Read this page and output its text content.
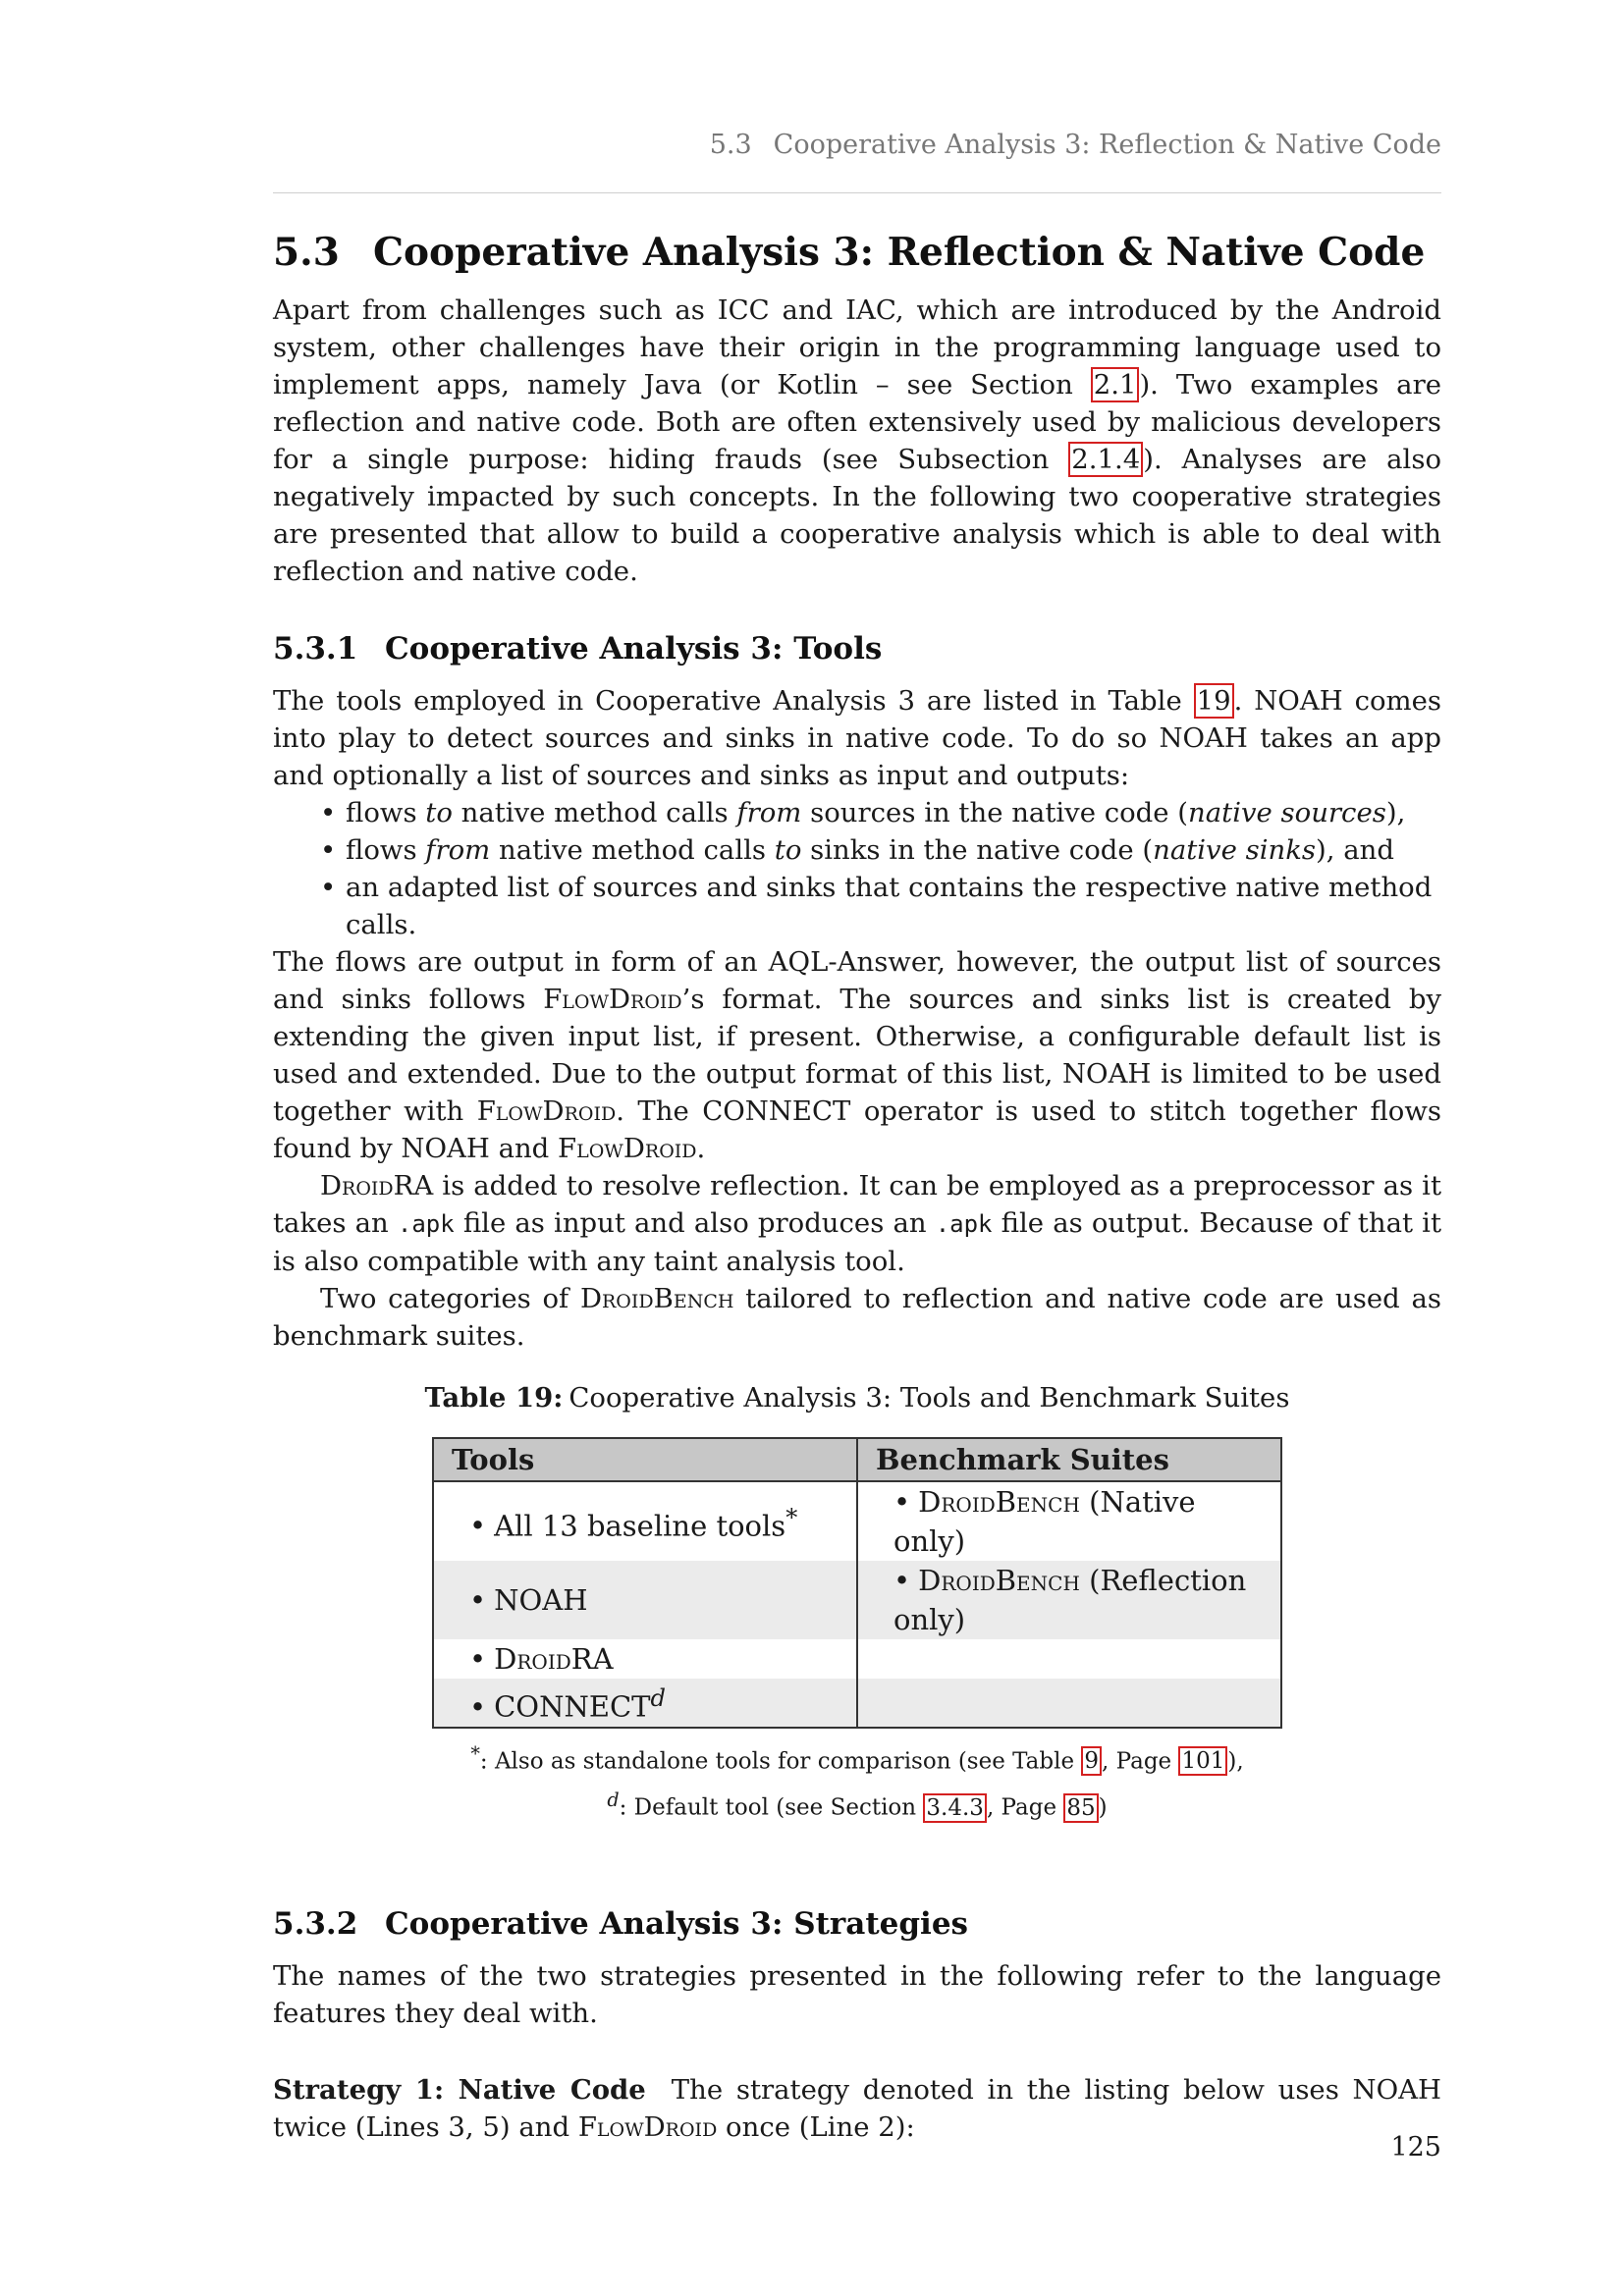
5.3 Cooperative Analysis 3: Reflection & Native Code
5.3 Cooperative Analysis 3: Reflection & Native Code

Apart from challenges such as ICC and IAC, which are introduced by the Android system, other challenges have their origin in the programming language used to implement apps, namely Java (or Kotlin – see Section 2.1 ). Two examples are reflection and native code. Both are often extensively used by malicious developers for a single purpose: hiding frauds (see Subsection 2.1.4 ). Analyses are also negatively impacted by such concepts. In the following two cooperative strategies are presented that allow to build a cooperative analysis which is able to deal with reflection and native code.

5.3.1 Cooperative Analysis 3: Tools

The tools employed in Cooperative Analysis 3 are listed in Table 19 . NOAH comes into play to detect sources and sinks in native code. To do so NOAH takes an app and optionally a list of sources and sinks as input and outputs:

• flows to native method calls from sources in the native code (native sources),
• flows from native method calls to sinks in the native code (native sinks), and
• an adapted list of sources and sinks that contains the respective native method calls.

The flows are output in form of an AQL-Answer, however, the output list of sources and sinks follows FlowDroid’s format. The sources and sinks list is created by extending the given input list, if present. Otherwise, a configurable default list is used and extended. Due to the output format of this list, NOAH is limited to be used together with FlowDroid. The CONNECT operator is used to stitch together flows found by NOAH and FlowDroid.

DroidRA is added to resolve reflection. It can be employed as a preprocessor as it takes an .apk file as input and also produces an .apk file as output. Because of that it is also compatible with any taint analysis tool.

Two categories of DroidBench tailored to reflection and native code are used as benchmark suites.

Table 19: Cooperative Analysis 3: Tools and Benchmark Suites
Tools	Benchmark Suites
• All 13 baseline tools*	• DroidBench (Native only)
• NOAH	• DroidBench (Reflection only)
• DroidRA	
• CONNECT$^d$	
*: Also as standalone tools for comparison (see Table 9 , Page 101 ),
$^d$: Default tool (see Section 3.4.3 , Page 85 )
5.3.2 Cooperative Analysis 3: Strategies

The names of the two strategies presented in the following refer to the language features they deal with.

Strategy 1: Native Code The strategy denoted in the listing below uses NOAH twice (Lines 3, 5) and FlowDroid once (Line 2):

125
